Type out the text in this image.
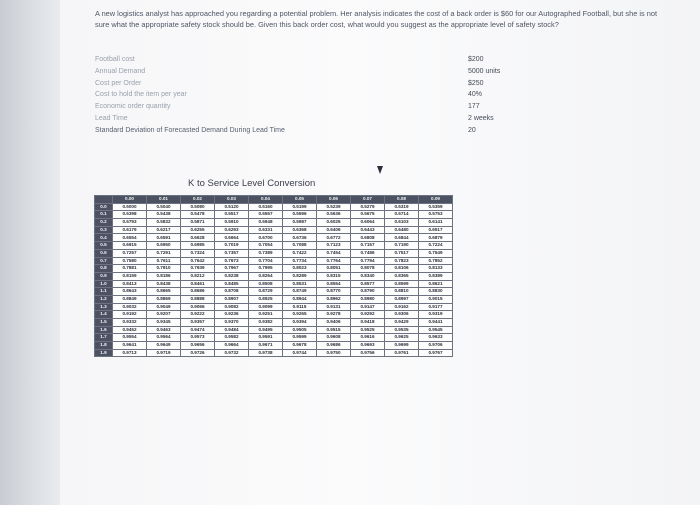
A new logistics analyst has approached you regarding a potential problem. Her analysis indicates the cost of a back order is $60 for our Autographed Football, but she is not sure what the appropriate safety stock should be. Given this back order cost, what would you suggest as the appropriate level of safety stock?
Football cost	$200
Annual Demand	5000 units
Cost per Order	$250
Cost to hold the item per year	40%
Economic order quantity	177
Lead Time	2 weeks
Standard Deviation of Forecasted Demand During Lead Time	20
K to Service Level Conversion
	0.00	0.01	0.02	0.03	0.04	0.05	0.06	0.07	0.08	0.09
0.0	0.5000	0.5040	0.5080	0.5120	0.5160	0.5199	0.5239	0.5279	0.5319	0.5359
0.1	0.5398	0.5438	0.5478	0.5517	0.5557	0.5596	0.5636	0.5675	0.5714	0.5753
0.2	0.5793	0.5832	0.5871	0.5910	0.5948	0.5987	0.6026	0.6064	0.6103	0.6141
0.3	0.6179	0.6217	0.6255	0.6293	0.6331	0.6368	0.6406	0.6443	0.6480	0.6517
0.4	0.6554	0.6591	0.6628	0.6664	0.6700	0.6736	0.6772	0.6808	0.6844	0.6879
0.5	0.6915	0.6950	0.6985	0.7019	0.7054	0.7088	0.7123	0.7157	0.7190	0.7224
0.6	0.7257	0.7291	0.7324	0.7357	0.7389	0.7422	0.7454	0.7486	0.7517	0.7549
0.7	0.7580	0.7611	0.7642	0.7673	0.7704	0.7734	0.7764	0.7794	0.7823	0.7852
0.8	0.7881	0.7910	0.7939	0.7967	0.7995	0.8023	0.8051	0.8078	0.8106	0.8133
0.9	0.8159	0.8186	0.8212	0.8238	0.8264	0.8289	0.8315	0.8340	0.8365	0.8389
1.0	0.8413	0.8438	0.8461	0.8485	0.8508	0.8531	0.8554	0.8577	0.8599	0.8621
1.1	0.8643	0.8665	0.8686	0.8708	0.8729	0.8749	0.8770	0.8790	0.8810	0.8830
1.2	0.8849	0.8869	0.8888	0.8907	0.8925	0.8944	0.8962	0.8980	0.8997	0.9015
1.3	0.9032	0.9049	0.9066	0.9082	0.9099	0.9115	0.9131	0.9147	0.9162	0.9177
1.4	0.9192	0.9207	0.9222	0.9236	0.9251	0.9265	0.9278	0.9292	0.9306	0.9319
1.5	0.9332	0.9345	0.9357	0.9370	0.9382	0.9394	0.9406	0.9418	0.9429	0.9441
1.6	0.9452	0.9463	0.9474	0.9484	0.9495	0.9505	0.9515	0.9525	0.9535	0.9545
1.7	0.9554	0.9564	0.9573	0.9582	0.9591	0.9599	0.9608	0.9616	0.9625	0.9633
1.8	0.9641	0.9649	0.9656	0.9664	0.9671	0.9678	0.9686	0.9693	0.9699	0.9706
1.9	0.9713	0.9719	0.9726	0.9732	0.9738	0.9744	0.9750	0.9756	0.9761	0.9767
